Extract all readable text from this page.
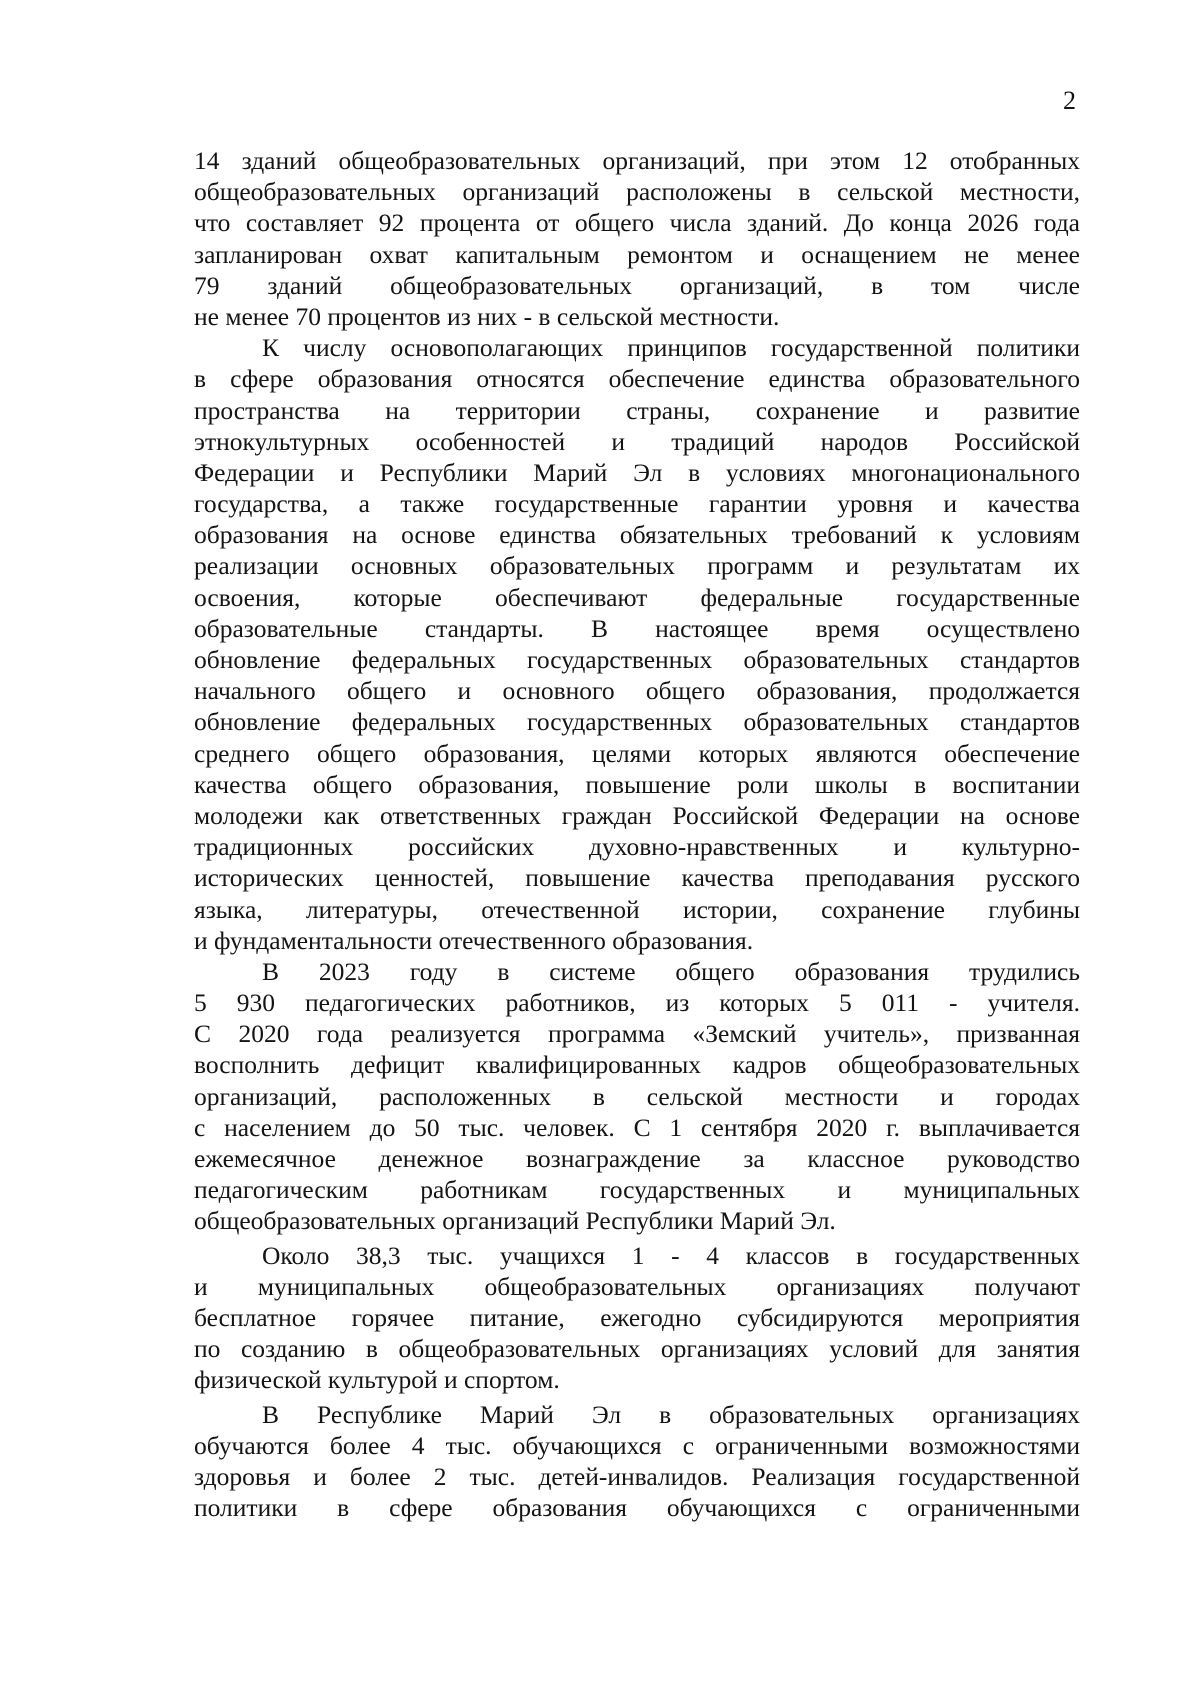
2
14 зданий общеобразовательных организаций, при этом 12 отобранных
общеобразовательных организаций расположены в сельской местности,
что составляет 92 процента от общего числа зданий. До конца 2026 года
запланирован охват капитальным ремонтом и оснащением не менее
79 зданий общеобразовательных организаций, в том числе
не менее 70 процентов из них - в сельской местности.
К числу основополагающих принципов государственной политики
в сфере образования относятся обеспечение единства образовательного
пространства на территории страны, сохранение и развитие
этнокультурных особенностей и традиций народов Российской
Федерации и Республики Марий Эл в условиях многонационального
государства, а также государственные гарантии уровня и качества
образования на основе единства обязательных требований к условиям
реализации основных образовательных программ и результатам их
освоения, которые обеспечивают федеральные государственные
образовательные стандарты. В настоящее время осуществлено
обновление федеральных государственных образовательных стандартов
начального общего и основного общего образования, продолжается
обновление федеральных государственных образовательных стандартов
среднего общего образования, целями которых являются обеспечение
качества общего образования, повышение роли школы в воспитании
молодежи как ответственных граждан Российской Федерации на основе
традиционных российских духовно-нравственных и культурно-
исторических ценностей, повышение качества преподавания русского
языка, литературы, отечественной истории, сохранение глубины
и фундаментальности отечественного образования.
В 2023 году в системе общего образования трудились
5 930 педагогических работников, из которых 5 011 - учителя.
С 2020 года реализуется программа «Земский учитель», призванная
восполнить дефицит квалифицированных кадров общеобразовательных
организаций, расположенных в сельской местности и городах
с населением до 50 тыс. человек. С 1 сентября 2020 г. выплачивается
ежемесячное денежное вознаграждение за классное руководство
педагогическим работникам государственных и муниципальных
общеобразовательных организаций Республики Марий Эл.
Около 38,3 тыс. учащихся 1 - 4 классов в государственных
и муниципальных общеобразовательных организациях получают
бесплатное горячее питание, ежегодно субсидируются мероприятия
по созданию в общеобразовательных организациях условий для занятия
физической культурой и спортом.
В Республике Марий Эл в образовательных организациях
обучаются более 4 тыс. обучающихся с ограниченными возможностями
здоровья и более 2 тыс. детей-инвалидов. Реализация государственной
политики в сфере образования обучающихся с ограниченными
